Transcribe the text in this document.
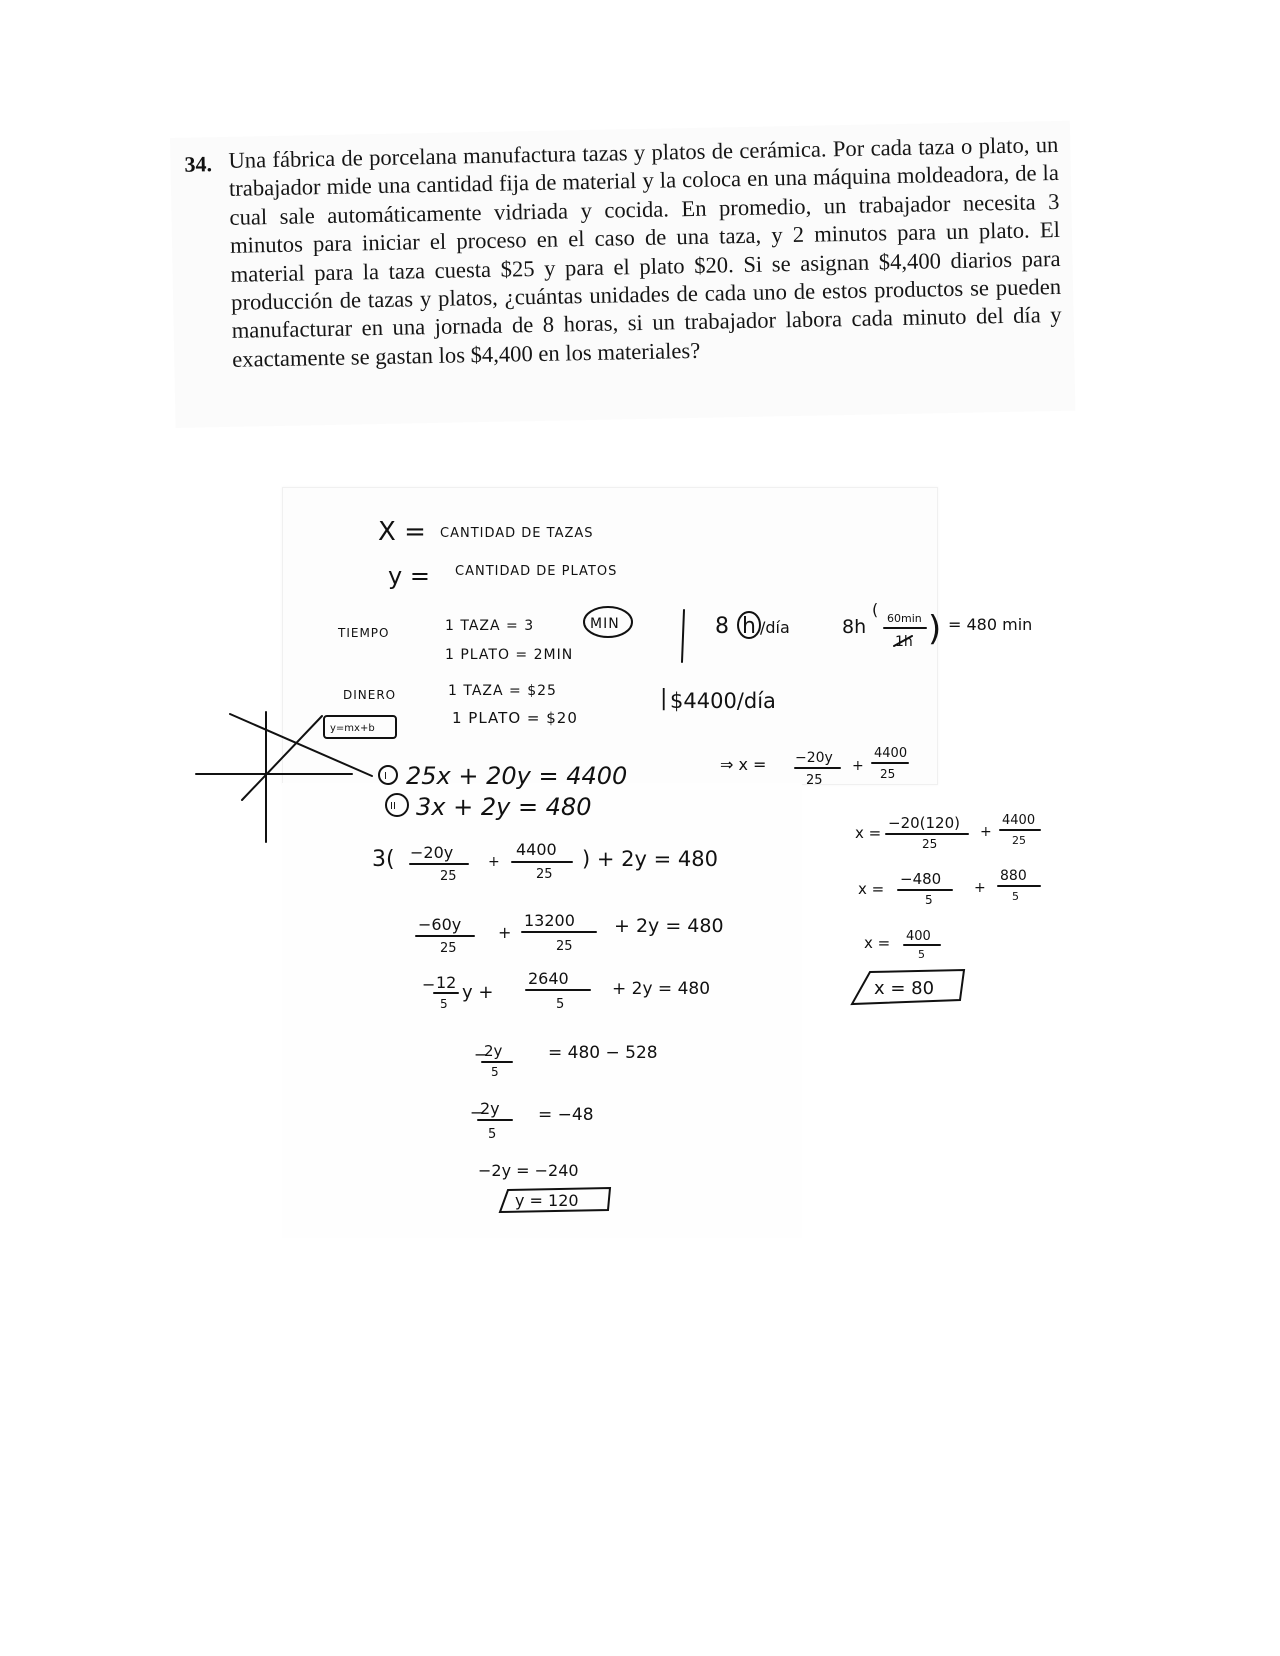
34. Una fábrica de porcelana manufactura tazas y platos de cerámica. Por cada taza o plato, un trabajador mide una cantidad fija de material y la coloca en una máquina moldeadora, de la cual sale automáticamente vidriada y cocida. En promedio, un trabajador necesita 3 minutos para iniciar el proceso en el caso de una taza, y 2 minutos para un plato. El material para la taza cuesta $25 y para el plato $20. Si se asignan $4,400 diarios para producción de tazas y platos, ¿cuántas unidades de cada uno de estos productos se pueden manufacturar en una jornada de 8 horas, si un trabajador labora cada minuto del día y exactamente se gastan los $4,400 en los materiales?

X = CANTIDAD DE TAZAS
y = CANTIDAD DE PLATOS
TIEMPO	1 TAZA = 3	MIN
1 PLATO = 2MIN
8 h /día	8h
( 60min
1h ) = 480 min
DINERO	1 TAZA = $25
1 PLATO = $20
| $4400/día
y=mx+b
I 25x + 20y = 4400
II 3x + 2y = 480
⇒ x = −20y
25
+
4400
25
3( −20y
25
+
4400
25
) + 2y = 480
−60y
25
+
13200
25
+ 2y = 480
− 12
5
y +
2640
5
+ 2y = 480
−
2y
5
= 480 − 528
−
2y
5
= −48
−2y = −240
y = 120
x =
−20(120)
25
+
4400
25
x =
−480
5
+
880
5
x = 400
5
x = 80
